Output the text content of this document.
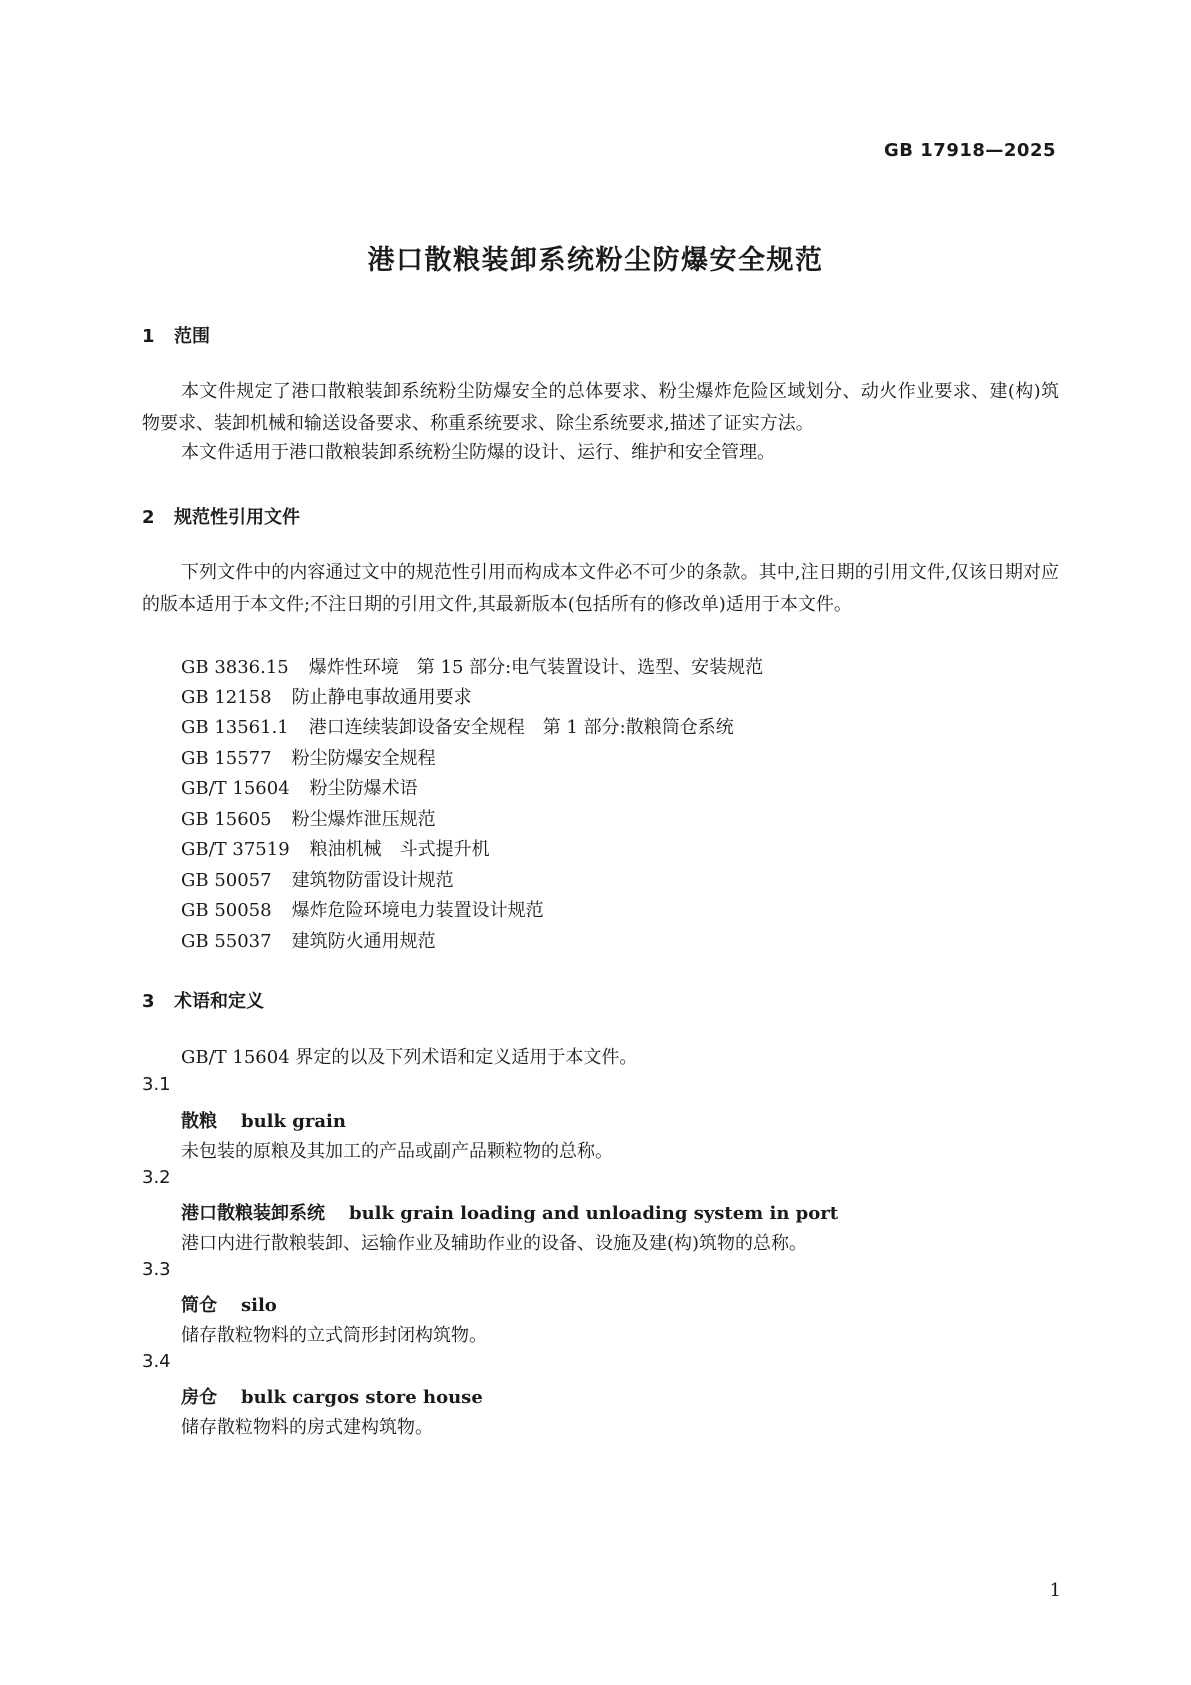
GB 17918—2025
港口散粮装卸系统粉尘防爆安全规范
1 范围
本文件规定了港口散粮装卸系统粉尘防爆安全的总体要求、粉尘爆炸危险区域划分、动火作业要求、建(构)筑物要求、装卸机械和输送设备要求、称重系统要求、除尘系统要求,描述了证实方法。
本文件适用于港口散粮装卸系统粉尘防爆的设计、运行、维护和安全管理。
2 规范性引用文件
下列文件中的内容通过文中的规范性引用而构成本文件必不可少的条款。其中,注日期的引用文件,仅该日期对应的版本适用于本文件;不注日期的引用文件,其最新版本(包括所有的修改单)适用于本文件。
GB 3836.15 爆炸性环境　第 15 部分:电气装置设计、选型、安装规范
GB 12158 防止静电事故通用要求
GB 13561.1 港口连续装卸设备安全规程　第 1 部分:散粮筒仓系统
GB 15577 粉尘防爆安全规程
GB/T 15604 粉尘防爆术语
GB 15605 粉尘爆炸泄压规范
GB/T 37519 粮油机械　斗式提升机
GB 50057 建筑物防雷设计规范
GB 50058 爆炸危险环境电力装置设计规范
GB 55037 建筑防火通用规范
3 术语和定义
GB/T 15604 界定的以及下列术语和定义适用于本文件。
3.1
散粮 bulk grain
未包装的原粮及其加工的产品或副产品颗粒物的总称。
3.2
港口散粮装卸系统 bulk grain loading and unloading system in port
港口内进行散粮装卸、运输作业及辅助作业的设备、设施及建(构)筑物的总称。
3.3
筒仓 silo
储存散粒物料的立式筒形封闭构筑物。
3.4
房仓 bulk cargos store house
储存散粒物料的房式建构筑物。
1
